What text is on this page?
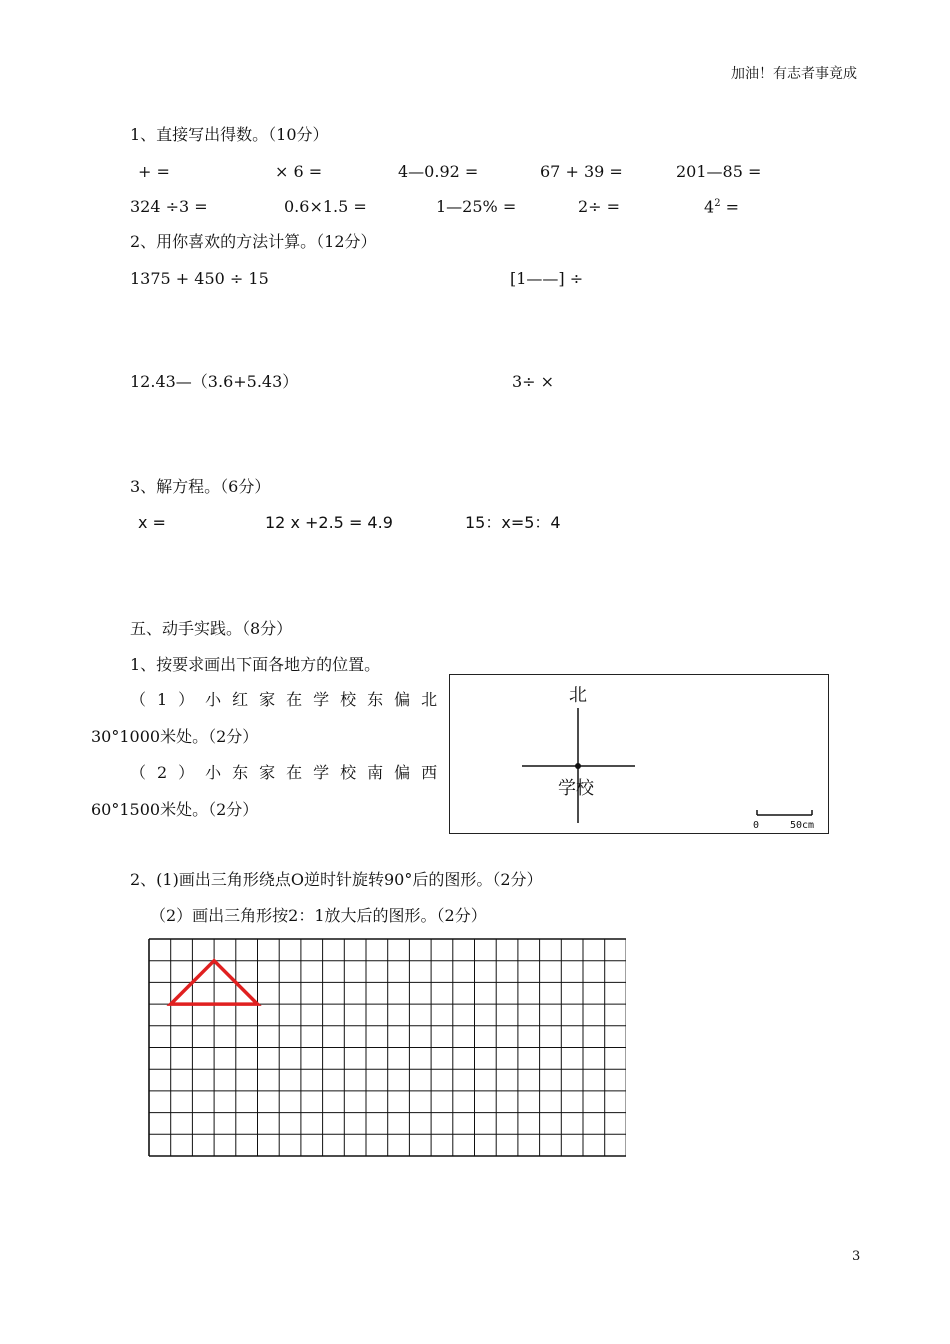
加油！有志者事竟成
1、直接写出得数。（10分）
+ =	× 6 =	4—0.92 =	67 + 39 =	201—85 =
324 ÷3 =	0.6×1.5 =	1—25% =	2÷ =	$4^2$ =
2、用你喜欢的方法计算。（12分）
1375 + 450 ÷ 15	[1——] ÷
12.43—（3.6+5.43）	3÷ ×
3、解方程。（6分）
x =	12 x +2.5 = 4.9	15：x=5：4
五、动手实践。（8分）
1、按要求画出下面各地方的位置。
（1）小红家在学校东偏北
30°1000米处。（2分）
（2）小东家在学校南偏西
60°1500米处。（2分）
北
学校
0	50cm
2、(1)画出三角形绕点O逆时针旋转90°后的图形。（2分）
（2）画出三角形按2：1放大后的图形。（2分）
3
